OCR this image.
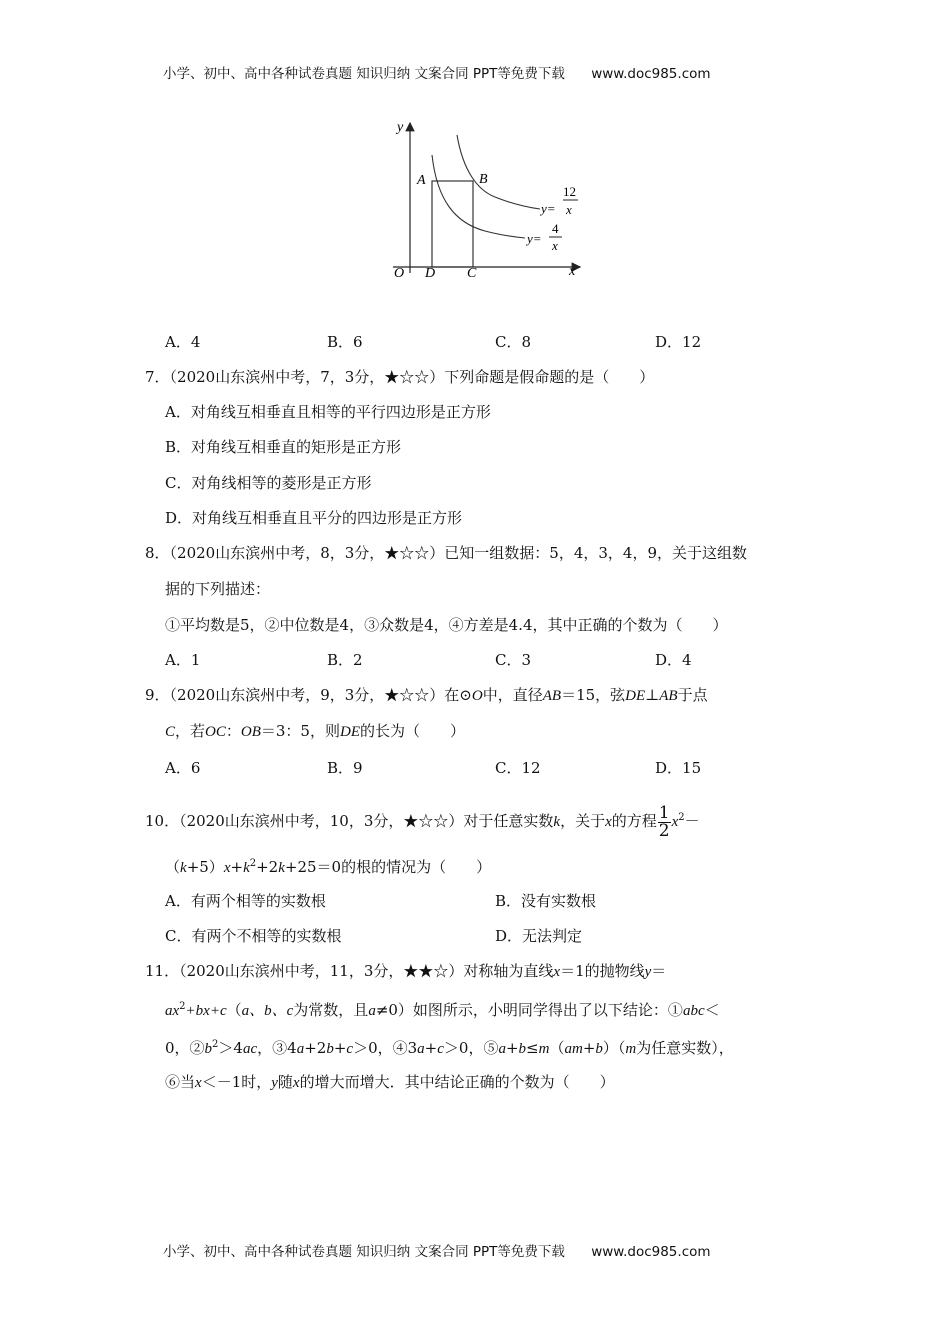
小学、初中、高中各种试卷真题 知识归纳 文案合同 PPT等免费下载 www.doc985.com
y
x
O
A	B
D C
y=
12
x
y=
4
x
A．4	B．6	C．8	D．12
7．（2020山东滨州中考，7，3分，★☆☆）下列命题是假命题的是（　　）
A．对角线互相垂直且相等的平行四边形是正方形
B．对角线互相垂直的矩形是正方形
C．对角线相等的菱形是正方形
D．对角线互相垂直且平分的四边形是正方形
8．（2020山东滨州中考，8，3分，★☆☆）已知一组数据：5，4，3，4，9，关于这组数
据的下列描述：
①平均数是5，②中位数是4，③众数是4，④方差是4.4，其中正确的个数为（　　）
A．1	B．2	C．3	D．4
9．（2020山东滨州中考，9，3分，★☆☆）在⊙O中，直径AB＝15，弦DE⊥AB于点
C，若OC：OB＝3：5，则DE的长为（　　）
A．6	B．9	C．12	D．15
10．（2020山东滨州中考，10，3分，★☆☆）对于任意实数k，关于x的方程 $\frac{1}{2} x^2-$
$(k+5)x+k^2+2k+25=0$的根的情况为（　　）
A．有两个相等的实数根	B．没有实数根
C．有两个不相等的实数根	D．无法判定
11．（2020山东滨州中考，11，3分，★★☆）对称轴为直线x＝1的抛物线y＝
$ax^2+bx+c(a$、b、c为常数，且a≠0）如图所示，小明同学得出了以下结论：①abc＜
0，$②b^2>4ac$，③4a+2b+c＞0，④3a+c＞0，⑤a+b≤m（am+b）（m为任意实数），
⑥当x＜－1时，y随x的增大而增大．其中结论正确的个数为（　　）
小学、初中、高中各种试卷真题 知识归纳 文案合同 PPT等免费下载 www.doc985.com
